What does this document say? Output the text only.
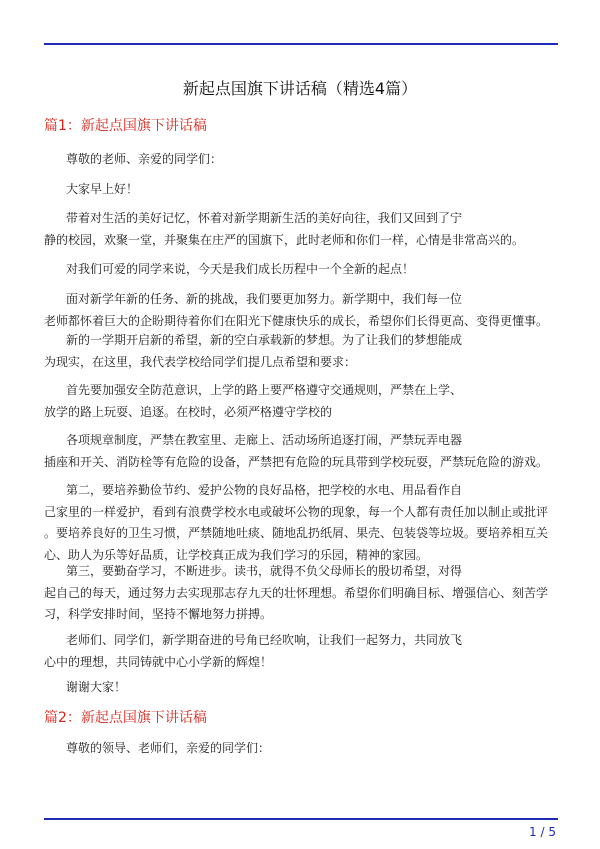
新起点国旗下讲话稿（精选4篇）
篇1：新起点国旗下讲话稿

尊敬的老师、亲爱的同学们：

大家早上好！

带着对生活的美好记忆，怀着对新学期新生活的美好向往，我们又回到了宁
静的校园，欢聚一堂，并聚集在庄严的国旗下，此时老师和你们一样，心情是非常高兴的。

对我们可爱的同学来说，今天是我们成长历程中一个全新的起点！

面对新学年新的任务、新的挑战，我们要更加努力。新学期中，我们每一位
老师都怀着巨大的企盼期待着你们在阳光下健康快乐的成长，希望你们长得更高、变得更懂事。

新的一学期开启新的希望，新的空白承载新的梦想。为了让我们的梦想能成
为现实，在这里，我代表学校给同学们提几点希望和要求：

首先要加强安全防范意识，上学的路上要严格遵守交通规则，严禁在上学、
放学的路上玩耍、追逐。在校时，必须严格遵守学校的

各项规章制度，严禁在教室里、走廊上、活动场所追逐打闹，严禁玩弄电器
插座和开关、消防栓等有危险的设备，严禁把有危险的玩具带到学校玩耍，严禁玩危险的游戏。

第二，要培养勤俭节约、爱护公物的良好品格，把学校的水电、用品看作自
己家里的一样爱护，看到有浪费学校水电或破坏公物的现象，每一个人都有责任加以制止或批评
。要培养良好的卫生习惯，严禁随地吐痰、随地乱扔纸屑、果壳、包装袋等垃圾。要培养相互关
心、助人为乐等好品质，让学校真正成为我们学习的乐园，精神的家园。

第三，要勤奋学习，不断进步。读书，就得不负父母师长的殷切希望，对得
起自己的每天，通过努力去实现那志存九天的壮怀理想。希望你们明确目标、增强信心、刻苦学
习，科学安排时间，坚持不懈地努力拼搏。

老师们、同学们，新学期奋进的号角已经吹响，让我们一起努力，共同放飞
心中的理想，共同铸就中心小学新的辉煌！

谢谢大家！

篇2：新起点国旗下讲话稿

尊敬的领导、老师们，亲爱的同学们：

1 / 5
